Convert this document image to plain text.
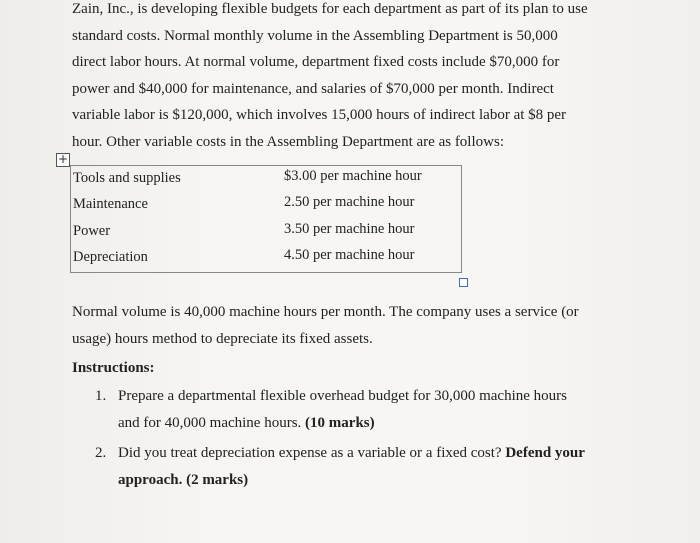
Zain, Inc., is developing flexible budgets for each department as part of its plan to use
standard costs. Normal monthly volume in the Assembling Department is 50,000
direct labor hours. At normal volume, department fixed costs include $70,000 for
power and $40,000 for maintenance, and salaries of $70,000 per month. Indirect
variable labor is $120,000, which involves 15,000 hours of indirect labor at $8 per
hour. Other variable costs in the Assembling Department are as follows:
+
Tools and supplies	$3.00 per machine hour
Maintenance	2.50 per machine hour
Power	3.50 per machine hour
Depreciation	4.50 per machine hour
Normal volume is 40,000 machine hours per month. The company uses a service (or
usage) hours method to depreciate its fixed assets.
Instructions:
1. Prepare a departmental flexible overhead budget for 30,000 machine hours
and for 40,000 machine hours. (10 marks)
2. Did you treat depreciation expense as a variable or a fixed cost? Defend your
approach. (2 marks)
